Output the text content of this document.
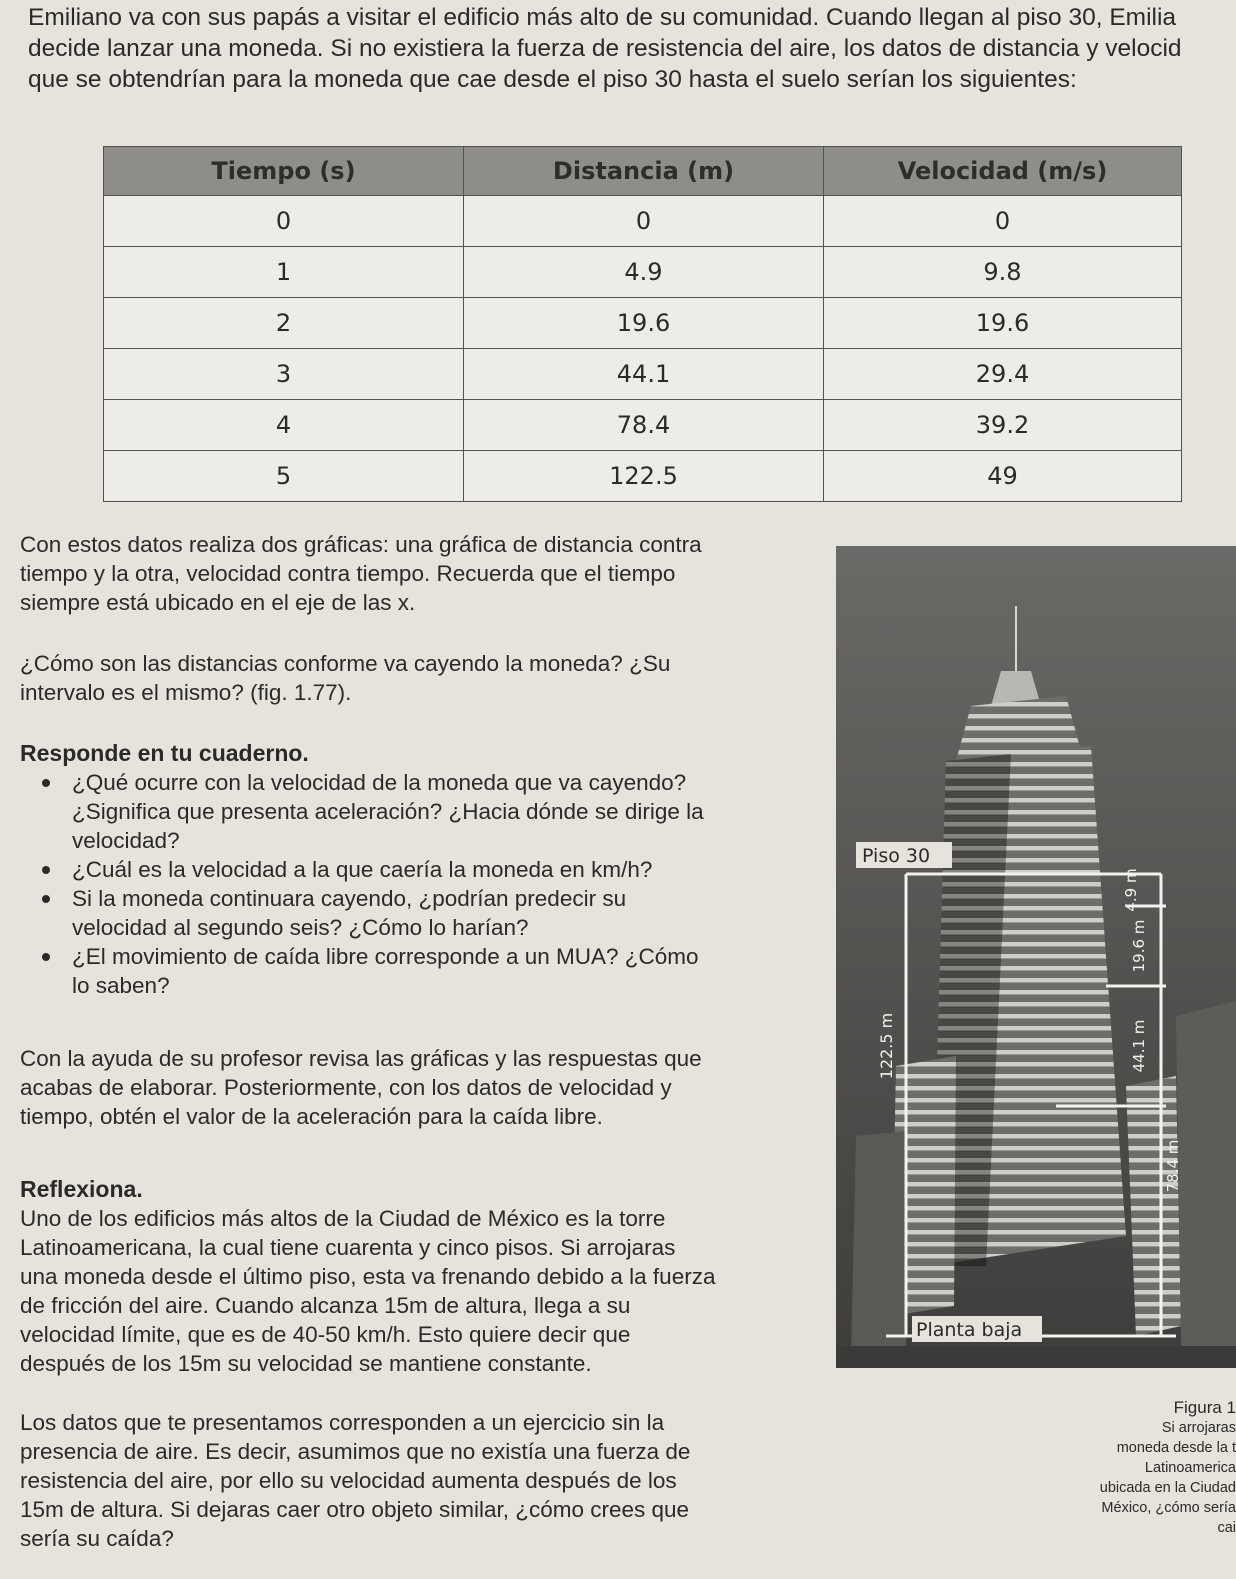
Emiliano va con sus papás a visitar el edificio más alto de su comunidad. Cuando llegan al piso 30, Emilia
decide lanzar una moneda. Si no existiera la fuerza de resistencia del aire, los datos de distancia y velocid
que se obtendrían para la moneda que cae desde el piso 30 hasta el suelo serían los siguientes:
Tiempo (s)	Distancia (m)	Velocidad (m/s)
0	0	0
1	4.9	9.8
2	19.6	19.6
3	44.1	29.4
4	78.4	39.2
5	122.5	49

Con estos datos realiza dos gráficas: una gráfica de distancia contra

tiempo y la otra, velocidad contra tiempo. Recuerda que el tiempo

siempre está ubicado en el eje de las x.

¿Cómo son las distancias conforme va cayendo la moneda? ¿Su

intervalo es el mismo? (fig. 1.77).

Responde en tu cuaderno.

¿Qué ocurre con la velocidad de la moneda que va cayendo?

¿Significa que presenta aceleración? ¿Hacia dónde se dirige la

velocidad?

¿Cuál es la velocidad a la que caería la moneda en km/h?

Si la moneda continuara cayendo, ¿podrían predecir su

velocidad al segundo seis? ¿Cómo lo harían?

¿El movimiento de caída libre corresponde a un MUA? ¿Cómo

lo saben?

Con la ayuda de su profesor revisa las gráficas y las respuestas que

acabas de elaborar. Posteriormente, con los datos de velocidad y

tiempo, obtén el valor de la aceleración para la caída libre.

Reflexiona.

Uno de los edificios más altos de la Ciudad de México es la torre

Latinoamericana, la cual tiene cuarenta y cinco pisos. Si arrojaras

una moneda desde el último piso, esta va frenando debido a la fuerza

de fricción del aire. Cuando alcanza 15m de altura, llega a su

velocidad límite, que es de 40-50 km/h. Esto quiere decir que

después de los 15m su velocidad se mantiene constante.

Los datos que te presentamos corresponden a un ejercicio sin la

presencia de aire. Es decir, asumimos que no existía una fuerza de

resistencia del aire, por ello su velocidad aumenta después de los

15m de altura. Si dejaras caer otro objeto similar, ¿cómo crees que

sería su caída?

Piso 30
Planta baja
4.9 m
19.6 m
44.1 m
78.4 m
122.5 m
Figura 1
Si arrojaras
moneda desde la t
Latinoamerica
ubicada en la Ciudad
México, ¿cómo sería
cai
